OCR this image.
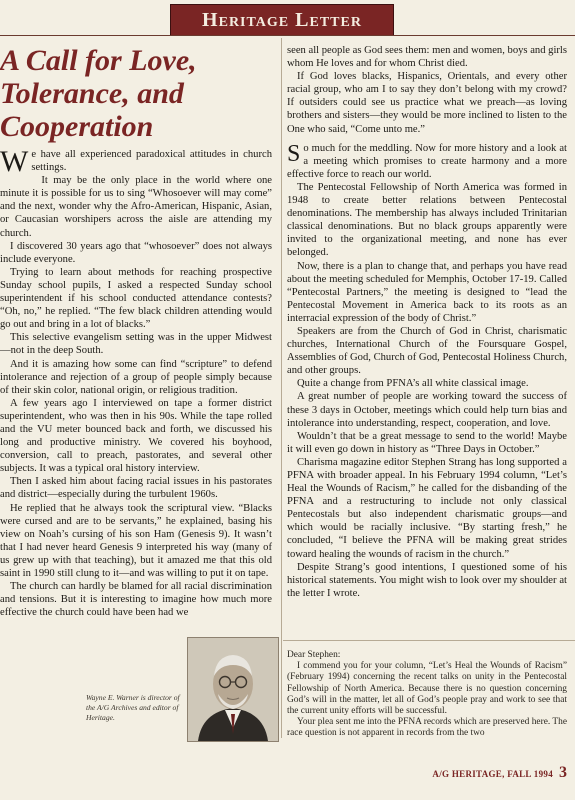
Heritage Letter
A Call for Love, Tolerance, and Cooperation

We have all experienced paradoxical attitudes in church settings.

It may be the only place in the world where one minute it is possible for us to sing “Whosoever will may come” and the next, wonder why the Afro-American, Hispanic, Asian, or Caucasian worshipers across the aisle are attending my church.

I discovered 30 years ago that “whosoever” does not always include everyone.

Trying to learn about methods for reaching prospective Sunday school pupils, I asked a respected Sunday school superintendent if his school conducted attendance contests? “Oh, no,” he replied. “The few black children attending would go out and bring in a lot of blacks.”

This selective evangelism setting was in the upper Midwest—not in the deep South.

And it is amazing how some can find “scripture” to defend intolerance and rejection of a group of people simply because of their skin color, national origin, or religious tradition.

A few years ago I interviewed on tape a former district superintendent, who was then in his 90s. While the tape rolled and the VU meter bounced back and forth, we discussed his long and productive ministry. We covered his boyhood, conversion, call to preach, pastorates, and several other subjects. It was a typical oral history interview.

Then I asked him about facing racial issues in his pastorates and district—especially during the turbulent 1960s.

He replied that he always took the scriptural view. “Blacks were cursed and are to be servants,” he explained, basing his view on Noah’s cursing of his son Ham (Genesis 9). It wasn’t that I had never heard Genesis 9 interpreted his way (many of us grew up with that teaching), but it amazed me that this old saint in 1990 still clung to it—and was willing to put it on tape.

The church can hardly be blamed for all racial discrimination and tensions. But it is interesting to imagine how much more effective the church could have been had we

Wayne E. Warner is director of the A/G Archives and editor of Heritage.

seen all people as God sees them: men and women, boys and girls whom He loves and for whom Christ died.

If God loves blacks, Hispanics, Orientals, and every other racial group, who am I to say they don’t belong with my crowd? If outsiders could see us practice what we preach—as loving brothers and sisters—they would be more inclined to listen to the One who said, “Come unto me.”

So much for the meddling. Now for more history and a look at a meeting which promises to create harmony and a more effective force to reach our world.

The Pentecostal Fellowship of North America was formed in 1948 to create better relations between Pentecostal denominations. The membership has always included Trinitarian classical denominations. But no black groups apparently were invited to the organizational meeting, and none has ever belonged.

Now, there is a plan to change that, and perhaps you have read about the meeting scheduled for Memphis, October 17-19. Called “Pentecostal Partners,” the meeting is designed to “lead the Pentecostal Movement in America back to its roots as an interracial expression of the body of Christ.”

Speakers are from the Church of God in Christ, charismatic churches, International Church of the Foursquare Gospel, Assemblies of God, Church of God, Pentecostal Holiness Church, and other groups.

Quite a change from PFNA’s all white classical image.

A great number of people are working toward the success of these 3 days in October, meetings which could help turn bias and intolerance into understanding, respect, cooperation, and love.

Wouldn’t that be a great message to send to the world! Maybe it will even go down in history as “Three Days in October.”

Charisma magazine editor Stephen Strang has long supported a PFNA with broader appeal. In his February 1994 column, “Let’s Heal the Wounds of Racism,” he called for the disbanding of the PFNA and a restructuring to include not only classical Pentecostals but also independent charismatic groups—and which would be racially inclusive. “By starting fresh,” he concluded, “I believe the PFNA will be making great strides toward healing the wounds of racism in the church.”

Despite Strang’s good intentions, I questioned some of his historical statements. You might wish to look over my shoulder at the letter I wrote.

Dear Stephen:

I commend you for your column, “Let’s Heal the Wounds of Racism” (February 1994) concerning the recent talks on unity in the Pentecostal Fellowship of North America. Because there is no question concerning God’s will in the matter, let all of God’s people pray and work to see that the current unity efforts will be successful.

Your plea sent me into the PFNA records which are preserved here. The race question is not apparent in records from the two

A/G HERITAGE, FALL 1994 3
